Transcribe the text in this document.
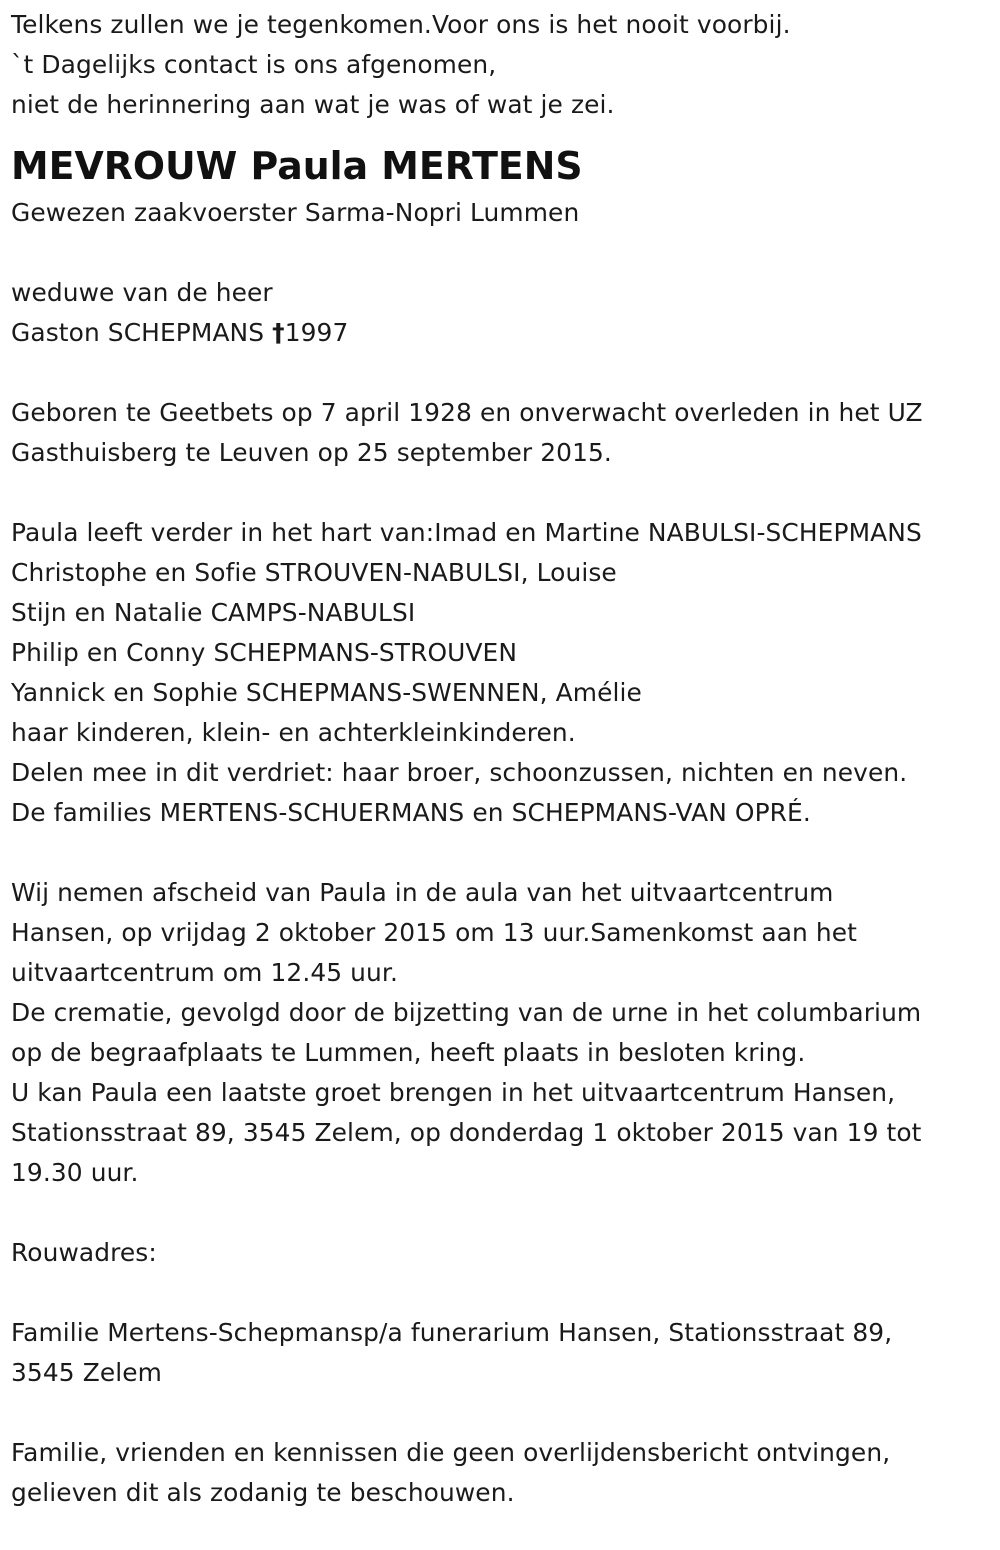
Telkens zullen we je tegenkomen.Voor ons is het nooit voorbij.
`t Dagelijks contact is ons afgenomen,
niet de herinnering aan wat je was of wat je zei.
MEVROUW Paula MERTENS
Gewezen zaakvoerster Sarma-Nopri Lummen
weduwe van de heer
Gaston SCHEPMANS †1997
Geboren te Geetbets op 7 april 1928 en onverwacht overleden in het UZ
Gasthuisberg te Leuven op 25 september 2015.
Paula leeft verder in het hart van:Imad en Martine NABULSI-SCHEPMANS
Christophe en Sofie STROUVEN-NABULSI, Louise
Stijn en Natalie CAMPS-NABULSI
Philip en Conny SCHEPMANS-STROUVEN
Yannick en Sophie SCHEPMANS-SWENNEN, Amélie
haar kinderen, klein- en achterkleinkinderen.
Delen mee in dit verdriet: haar broer, schoonzussen, nichten en neven.
De families MERTENS-SCHUERMANS en SCHEPMANS-VAN OPRÉ.
Wij nemen afscheid van Paula in de aula van het uitvaartcentrum
Hansen, op vrijdag 2 oktober 2015 om 13 uur.Samenkomst aan het
uitvaartcentrum om 12.45 uur.
De crematie, gevolgd door de bijzetting van de urne in het columbarium
op de begraafplaats te Lummen, heeft plaats in besloten kring.
U kan Paula een laatste groet brengen in het uitvaartcentrum Hansen,
Stationsstraat 89, 3545 Zelem, op donderdag 1 oktober 2015 van 19 tot
19.30 uur.
Rouwadres:
Familie Mertens-Schepmansp/a funerarium Hansen, Stationsstraat 89,
3545 Zelem
Familie, vrienden en kennissen die geen overlijdensbericht ontvingen,
gelieven dit als zodanig te beschouwen.
